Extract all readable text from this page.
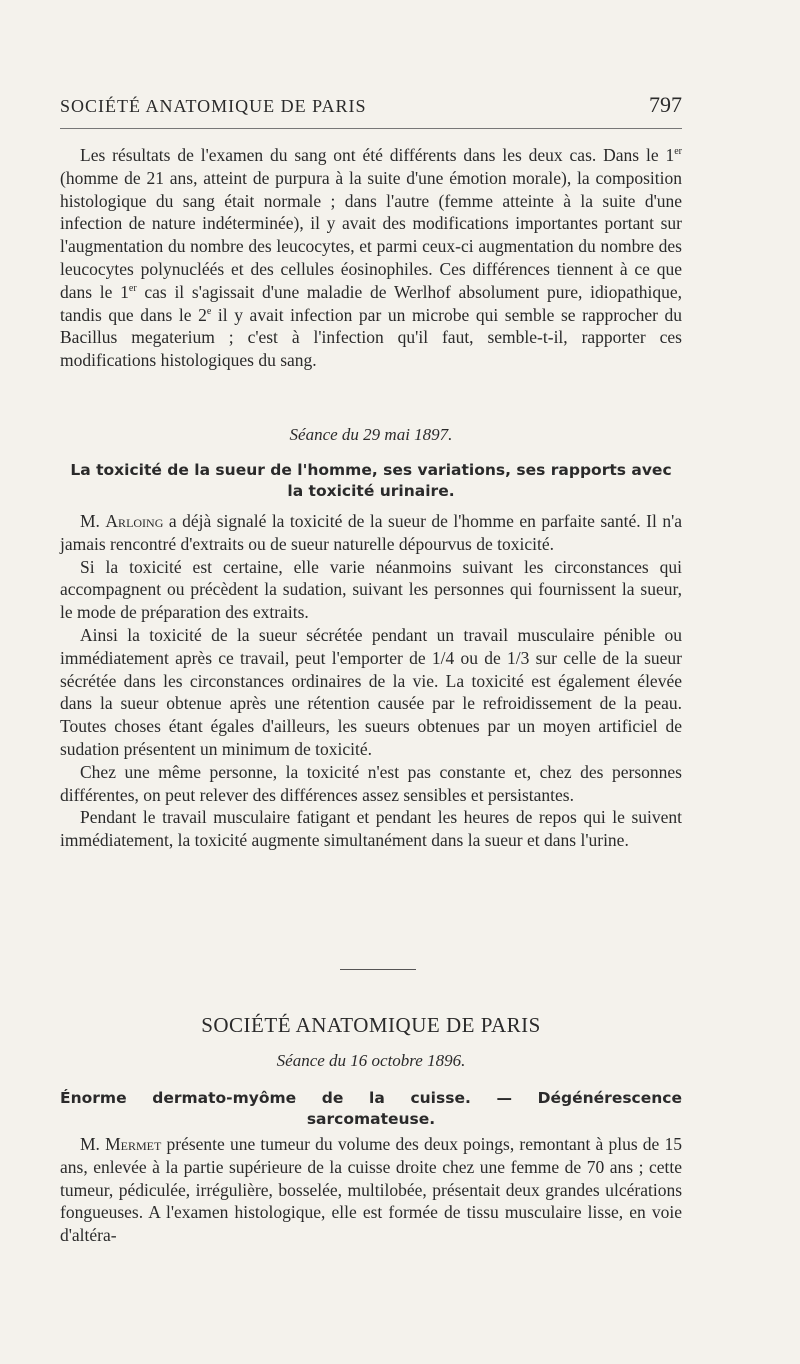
SOCIÉTÉ ANATOMIQUE DE PARIS	797

Les résultats de l'examen du sang ont été différents dans les deux cas. Dans le 1er (homme de 21 ans, atteint de purpura à la suite d'une émotion morale), la composition histologique du sang était normale ; dans l'autre (femme atteinte à la suite d'une infection de nature indéterminée), il y avait des modifications importantes portant sur l'augmentation du nombre des leucocytes, et parmi ceux-ci augmentation du nombre des leucocytes polynucléés et des cellules éosinophiles. Ces différences tiennent à ce que dans le 1er cas il s'agissait d'une maladie de Werlhof absolument pure, idiopathique, tandis que dans le 2e il y avait infection par un microbe qui semble se rapprocher du Bacillus megaterium ; c'est à l'infection qu'il faut, semble-t-il, rapporter ces modifications histologiques du sang.

Séance du 29 mai 1897.
La toxicité de la sueur de l'homme, ses variations, ses rapports avec la toxicité urinaire.

M. Arloing a déjà signalé la toxicité de la sueur de l'homme en parfaite santé. Il n'a jamais rencontré d'extraits ou de sueur naturelle dépourvus de toxicité.

Si la toxicité est certaine, elle varie néanmoins suivant les circonstances qui accompagnent ou précèdent la sudation, suivant les personnes qui fournissent la sueur, le mode de préparation des extraits.

Ainsi la toxicité de la sueur sécrétée pendant un travail musculaire pénible ou immédiatement après ce travail, peut l'emporter de 1/4 ou de 1/3 sur celle de la sueur sécrétée dans les circonstances ordinaires de la vie. La toxicité est également élevée dans la sueur obtenue après une rétention causée par le refroidissement de la peau. Toutes choses étant égales d'ailleurs, les sueurs obtenues par un moyen artificiel de sudation présentent un minimum de toxicité.

Chez une même personne, la toxicité n'est pas constante et, chez des personnes différentes, on peut relever des différences assez sensibles et persistantes.

Pendant le travail musculaire fatigant et pendant les heures de repos qui le suivent immédiatement, la toxicité augmente simultanément dans la sueur et dans l'urine.

SOCIÉTÉ ANATOMIQUE DE PARIS
Séance du 16 octobre 1896.
Énorme dermato-myôme de la cuisse. — Dégénérescence sarcomateuse.

M. Mermet présente une tumeur du volume des deux poings, remontant à plus de 15 ans, enlevée à la partie supérieure de la cuisse droite chez une femme de 70 ans ; cette tumeur, pédiculée, irrégulière, bosselée, multilobée, présentait deux grandes ulcérations fongueuses. A l'examen histologique, elle est formée de tissu musculaire lisse, en voie d'altéra-
